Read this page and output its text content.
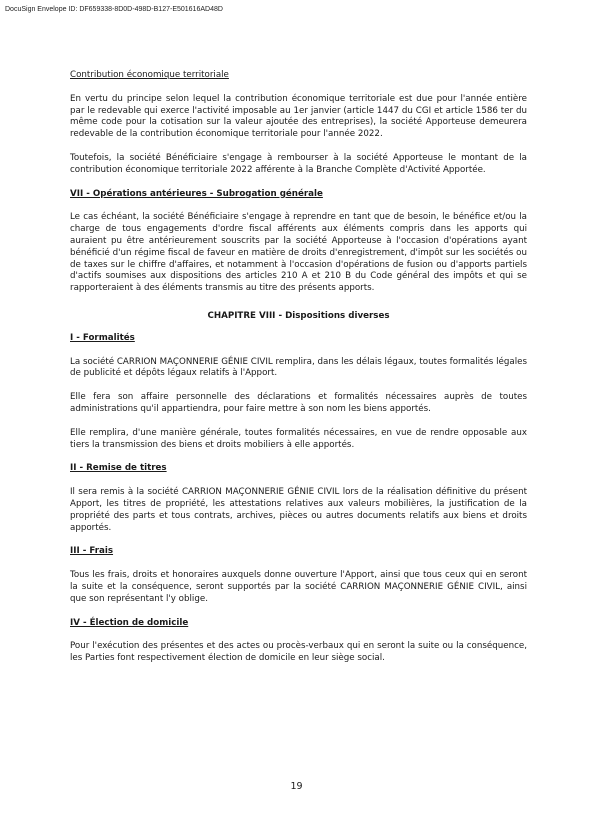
DocuSign Envelope ID: DF659338-8D0D-498D-B127-E501616AD48D

Contribution économique territoriale

En vertu du principe selon lequel la contribution économique territoriale est due pour l'année entière par le redevable qui exerce l'activité imposable au 1er janvier (article 1447 du CGI et article 1586 ter du même code pour la cotisation sur la valeur ajoutée des entreprises), la société Apporteuse demeurera redevable de la contribution économique territoriale pour l'année 2022.

Toutefois, la société Bénéficiaire s'engage à rembourser à la société Apporteuse le montant de la contribution économique territoriale 2022 afférente à la Branche Complète d'Activité Apportée.

VII - Opérations antérieures - Subrogation générale

Le cas échéant, la société Bénéficiaire s'engage à reprendre en tant que de besoin, le bénéfice et/ou la charge de tous engagements d'ordre fiscal afférents aux éléments compris dans les apports qui auraient pu être antérieurement souscrits par la société Apporteuse à l'occasion d'opérations ayant bénéficié d'un régime fiscal de faveur en matière de droits d'enregistrement, d'impôt sur les sociétés ou de taxes sur le chiffre d'affaires, et notamment à l'occasion d'opérations de fusion ou d'apports partiels d'actifs soumises aux dispositions des articles 210 A et 210 B du Code général des impôts et qui se rapporteraient à des éléments transmis au titre des présents apports.

CHAPITRE VIII - Dispositions diverses

I - Formalités

La société CARRION MAÇONNERIE GÉNIE CIVIL remplira, dans les délais légaux, toutes formalités légales de publicité et dépôts légaux relatifs à l'Apport.

Elle fera son affaire personnelle des déclarations et formalités nécessaires auprès de toutes administrations qu'il appartiendra, pour faire mettre à son nom les biens apportés.

Elle remplira, d'une manière générale, toutes formalités nécessaires, en vue de rendre opposable aux tiers la transmission des biens et droits mobiliers à elle apportés.

II - Remise de titres

Il sera remis à la société CARRION MAÇONNERIE GÉNIE CIVIL lors de la réalisation définitive du présent Apport, les titres de propriété, les attestations relatives aux valeurs mobilières, la justification de la propriété des parts et tous contrats, archives, pièces ou autres documents relatifs aux biens et droits apportés.

III - Frais

Tous les frais, droits et honoraires auxquels donne ouverture l'Apport, ainsi que tous ceux qui en seront la suite et la conséquence, seront supportés par la société CARRION MAÇONNERIE GÉNIE CIVIL, ainsi que son représentant l'y oblige.

IV - Élection de domicile

Pour l'exécution des présentes et des actes ou procès-verbaux qui en seront la suite ou la conséquence, les Parties font respectivement élection de domicile en leur siège social.

19
